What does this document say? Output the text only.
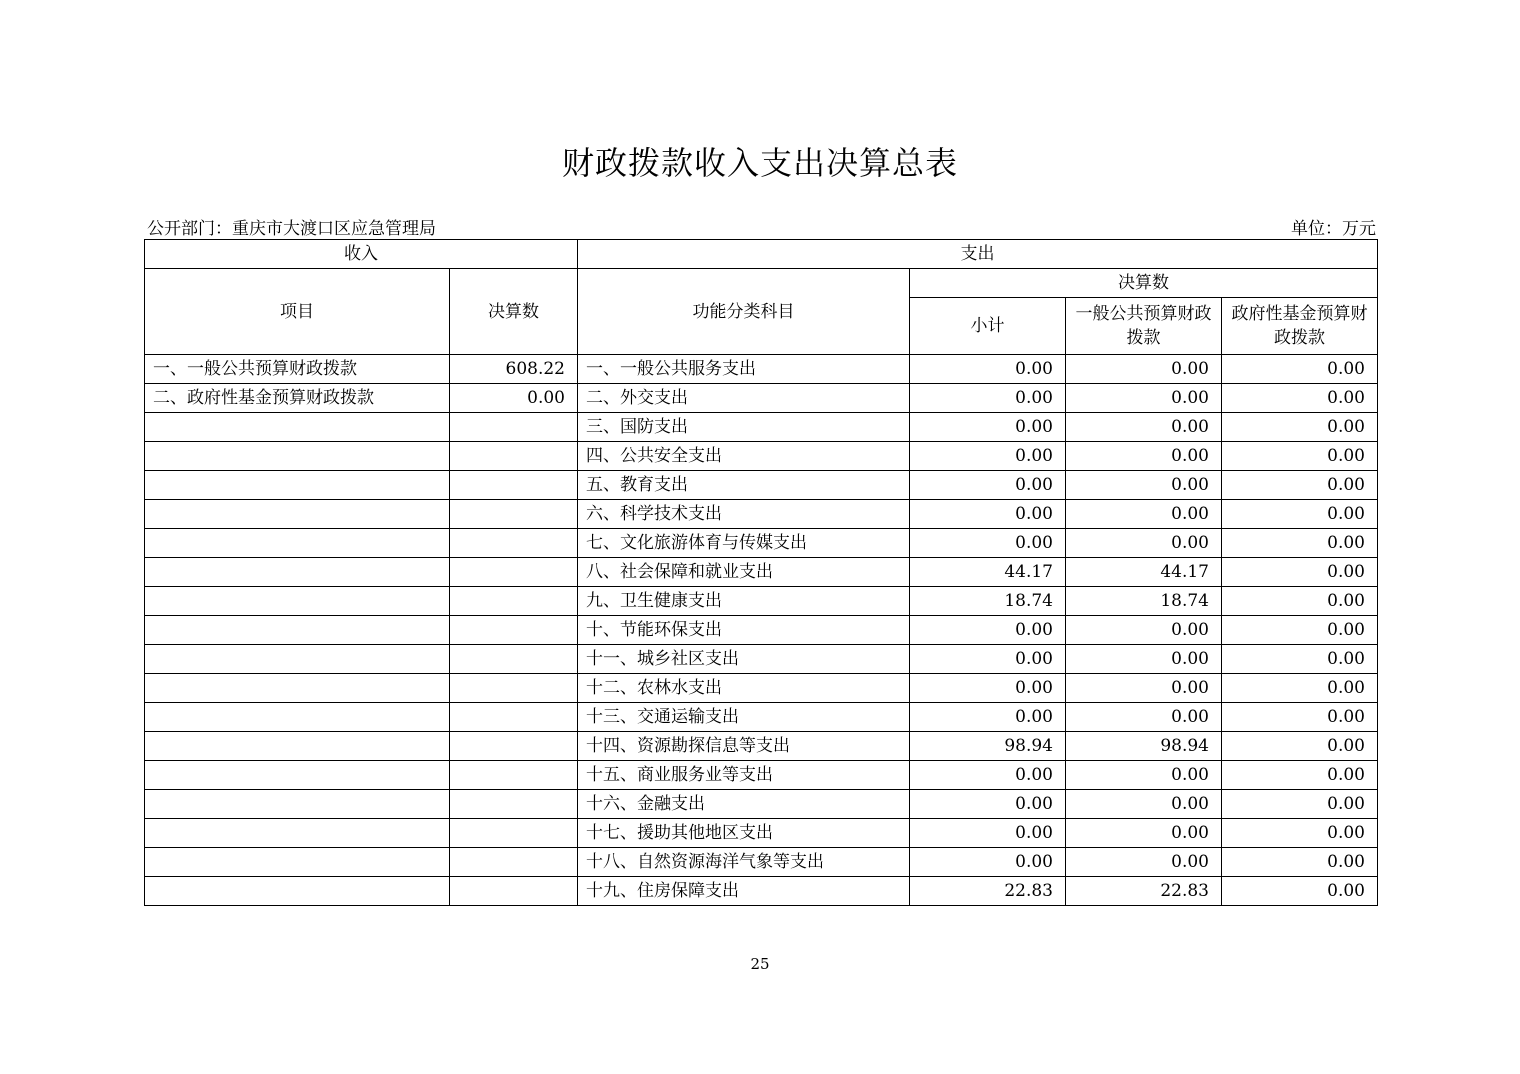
财政拨款收入支出决算总表
公开部门：重庆市大渡口区应急管理局	单位：万元
收入		支出			
项目	决算数	功能分类科目	决算数		
			小计	一般公共预算财政拨款	政府性基金预算财政拨款
一、一般公共预算财政拨款	608.22	一、一般公共服务支出	0.00	0.00	0.00
二、政府性基金预算财政拨款	0.00	二、外交支出	0.00	0.00	0.00
		三、国防支出	0.00	0.00	0.00
		四、公共安全支出	0.00	0.00	0.00
		五、教育支出	0.00	0.00	0.00
		六、科学技术支出	0.00	0.00	0.00
		七、文化旅游体育与传媒支出	0.00	0.00	0.00
		八、社会保障和就业支出	44.17	44.17	0.00
		九、卫生健康支出	18.74	18.74	0.00
		十、节能环保支出	0.00	0.00	0.00
		十一、城乡社区支出	0.00	0.00	0.00
		十二、农林水支出	0.00	0.00	0.00
		十三、交通运输支出	0.00	0.00	0.00
		十四、资源勘探信息等支出	98.94	98.94	0.00
		十五、商业服务业等支出	0.00	0.00	0.00
		十六、金融支出	0.00	0.00	0.00
		十七、援助其他地区支出	0.00	0.00	0.00
		十八、自然资源海洋气象等支出	0.00	0.00	0.00
		十九、住房保障支出	22.83	22.83	0.00
25
